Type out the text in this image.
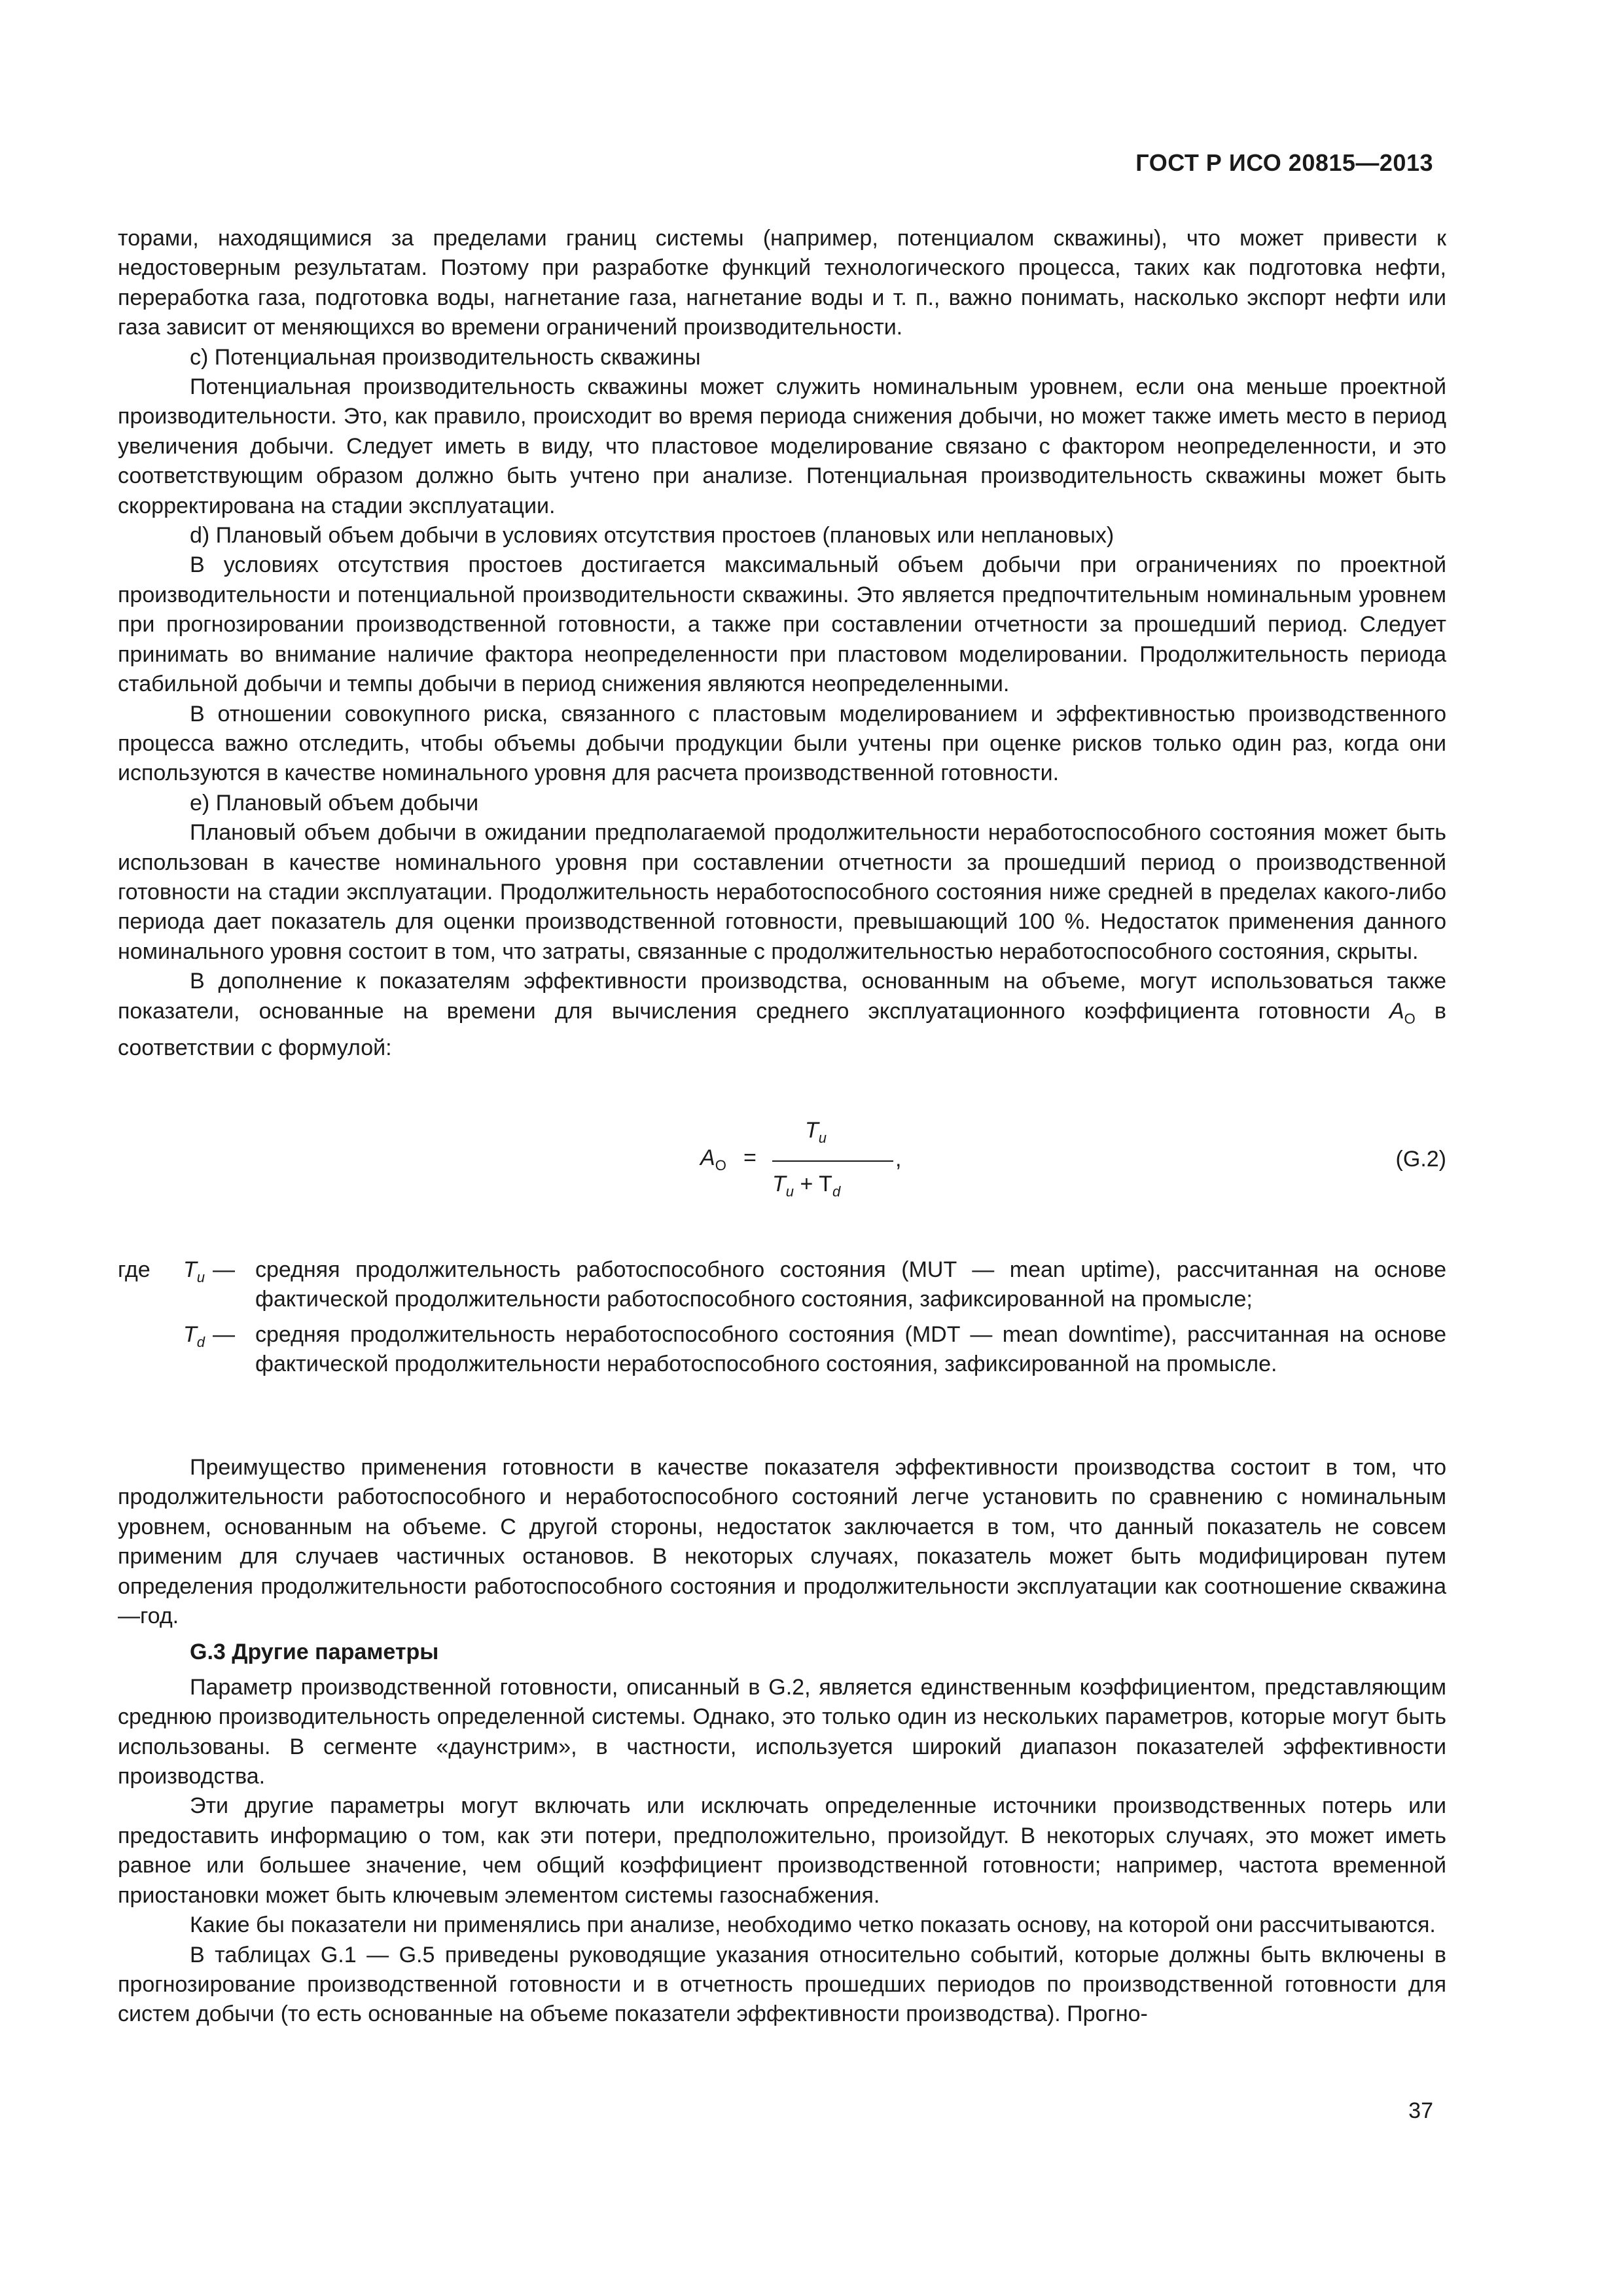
ГОСТ Р ИСО 20815—2013

торами, находящимися за пределами границ системы (например, потенциалом скважины), что может привести к недостоверным результатам. Поэтому при разработке функций технологического процесса, таких как подготовка нефти, переработка газа, подготовка воды, нагнетание газа, нагнетание воды и т. п., важно понимать, насколько экспорт нефти или газа зависит от меняющихся во времени ограничений производительности.

c) Потенциальная производительность скважины

Потенциальная производительность скважины может служить номинальным уровнем, если она меньше проектной производительности. Это, как правило, происходит во время периода снижения добычи, но может также иметь место в период увеличения добычи. Следует иметь в виду, что пластовое моделирование связано с фактором неопределенности, и это соответствующим образом должно быть учтено при анализе. Потенциальная производительность скважины может быть скорректирована на стадии эксплуатации.

d) Плановый объем добычи в условиях отсутствия простоев (плановых или неплановых)

В условиях отсутствия простоев достигается максимальный объем добычи при ограничениях по проектной производительности и потенциальной производительности скважины. Это является предпочтительным номинальным уровнем при прогнозировании производственной готовности, а также при составлении отчетности за прошедший период. Следует принимать во внимание наличие фактора неопределенности при пластовом моделировании. Продолжительность периода стабильной добычи и темпы добычи в период снижения являются неопределенными.

В отношении совокупного риска, связанного с пластовым моделированием и эффективностью производственного процесса важно отследить, чтобы объемы добычи продукции были учтены при оценке рисков только один раз, когда они используются в качестве номинального уровня для расчета производственной готовности.

e) Плановый объем добычи

Плановый объем добычи в ожидании предполагаемой продолжительности неработоспособного состояния может быть использован в качестве номинального уровня при составлении отчетности за прошедший период о производственной готовности на стадии эксплуатации. Продолжительность неработоспособного состояния ниже средней в пределах какого-либо периода дает показатель для оценки производственной готовности, превышающий 100 %. Недостаток применения данного номинального уровня состоит в том, что затраты, связанные с продолжительностью неработоспособного состояния, скрыты.

В дополнение к показателям эффективности производства, основанным на объеме, могут использоваться также показатели, основанные на времени для вычисления среднего эксплуатационного коэффициента готовности $A_O$ в соответствии с формулой:

$A_O$ =
$T_u$
$T_u + T_d$
,	(G.2)
где $T_u$ — средняя продолжительность работоспособного состояния (MUT — mean uptime), рассчитанная на основе фактической продолжительности работоспособного состояния, зафиксированной на промысле;
$T_d$ — средняя продолжительность неработоспособного состояния (MDT — mean downtime), рассчитанная на основе фактической продолжительности неработоспособного состояния, зафиксированной на промысле.

Преимущество применения готовности в качестве показателя эффективности производства состоит в том, что продолжительности работоспособного и неработоспособного состояний легче установить по сравнению с номинальным уровнем, основанным на объеме. С другой стороны, недостаток заключается в том, что данный показатель не совсем применим для случаев частичных остановов. В некоторых случаях, показатель может быть модифицирован путем определения продолжительности работоспособного состояния и продолжительности эксплуатации как соотношение скважина—год.

G.3 Другие параметры

Параметр производственной готовности, описанный в G.2, является единственным коэффициентом, представляющим среднюю производительность определенной системы. Однако, это только один из нескольких параметров, которые могут быть использованы. В сегменте «даунстрим», в частности, используется широкий диапазон показателей эффективности производства.

Эти другие параметры могут включать или исключать определенные источники производственных потерь или предоставить информацию о том, как эти потери, предположительно, произойдут. В некоторых случаях, это может иметь равное или большее значение, чем общий коэффициент производственной готовности; например, частота временной приостановки может быть ключевым элементом системы газоснабжения.

Какие бы показатели ни применялись при анализе, необходимо четко показать основу, на которой они рассчитываются.

В таблицах G.1 — G.5 приведены руководящие указания относительно событий, которые должны быть включены в прогнозирование производственной готовности и в отчетность прошедших периодов по производственной готовности для систем добычи (то есть основанные на объеме показатели эффективности производства). Прогно-

37
